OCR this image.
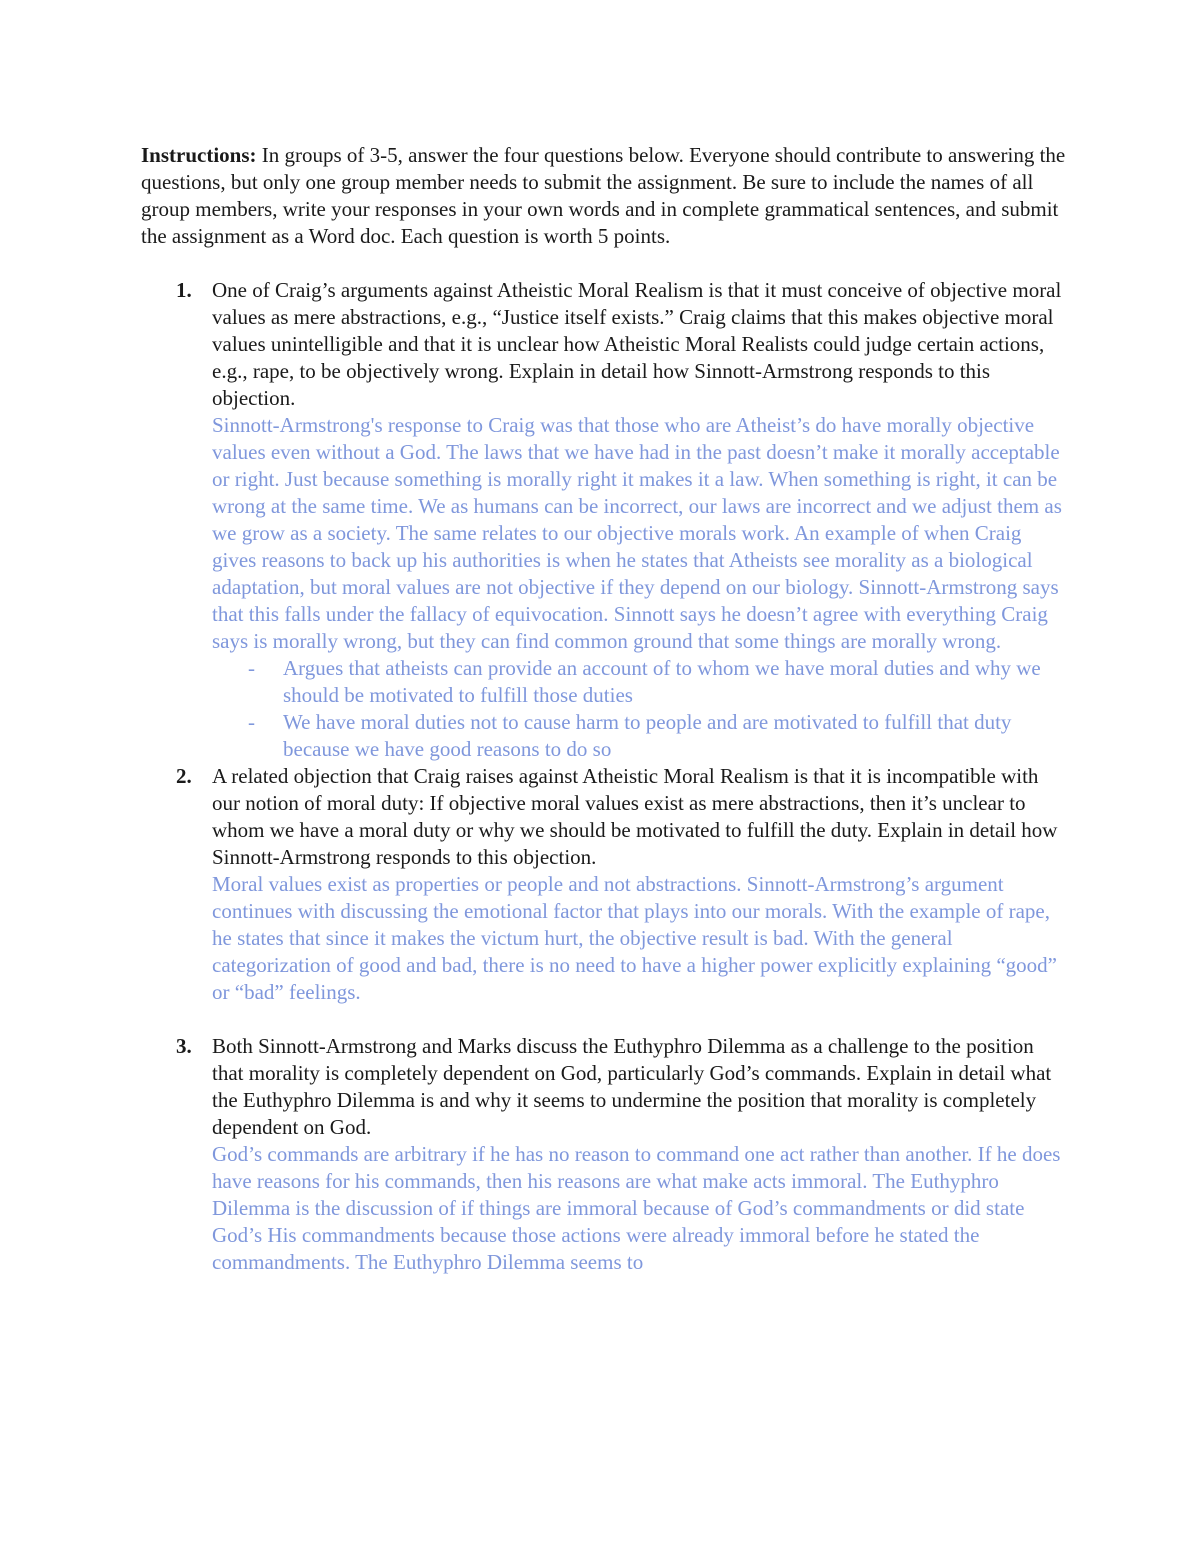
Instructions: In groups of 3-5, answer the four questions below. Everyone should contribute to answering the questions, but only one group member needs to submit the assignment. Be sure to include the names of all group members, write your responses in your own words and in complete grammatical sentences, and submit the assignment as a Word doc. Each question is worth 5 points.

1. One of Craig’s arguments against Atheistic Moral Realism is that it must conceive of objective moral values as mere abstractions, e.g., “Justice itself exists.” Craig claims that this makes objective moral values unintelligible and that it is unclear how Atheistic Moral Realists could judge certain actions, e.g., rape, to be objectively wrong. Explain in detail how Sinnott-Armstrong responds to this objection.

Sinnott-Armstrong's response to Craig was that those who are Atheist’s do have morally objective values even without a God. The laws that we have had in the past doesn’t make it morally acceptable or right. Just because something is morally right it makes it a law. When something is right, it can be wrong at the same time. We as humans can be incorrect, our laws are incorrect and we adjust them as we grow as a society. The same relates to our objective morals work. An example of when Craig gives reasons to back up his authorities is when he states that Atheists see morality as a biological adaptation, but moral values are not objective if they depend on our biology. Sinnott-Armstrong says that this falls under the fallacy of equivocation. Sinnott says he doesn’t agree with everything Craig says is morally wrong, but they can find common ground that some things are morally wrong.

- Argues that atheists can provide an account of to whom we have moral duties and why we should be motivated to fulfill those duties
- We have moral duties not to cause harm to people and are motivated to fulfill that duty because we have good reasons to do so
2. A related objection that Craig raises against Atheistic Moral Realism is that it is incompatible with our notion of moral duty: If objective moral values exist as mere abstractions, then it’s unclear to whom we have a moral duty or why we should be motivated to fulfill the duty. Explain in detail how Sinnott-Armstrong responds to this objection.

Moral values exist as properties or people and not abstractions. Sinnott-Armstrong’s argument continues with discussing the emotional factor that plays into our morals. With the example of rape, he states that since it makes the victum hurt, the objective result is bad. With the general categorization of good and bad, there is no need to have a higher power explicitly explaining “good” or “bad” feelings.

3. Both Sinnott-Armstrong and Marks discuss the Euthyphro Dilemma as a challenge to the position that morality is completely dependent on God, particularly God’s commands. Explain in detail what the Euthyphro Dilemma is and why it seems to undermine the position that morality is completely dependent on God.

God’s commands are arbitrary if he has no reason to command one act rather than another. If he does have reasons for his commands, then his reasons are what make acts immoral. The Euthyphro Dilemma is the discussion of if things are immoral because of God’s commandments or did state God’s His commandments because those actions were already immoral before he stated the commandments. The Euthyphro Dilemma seems to
